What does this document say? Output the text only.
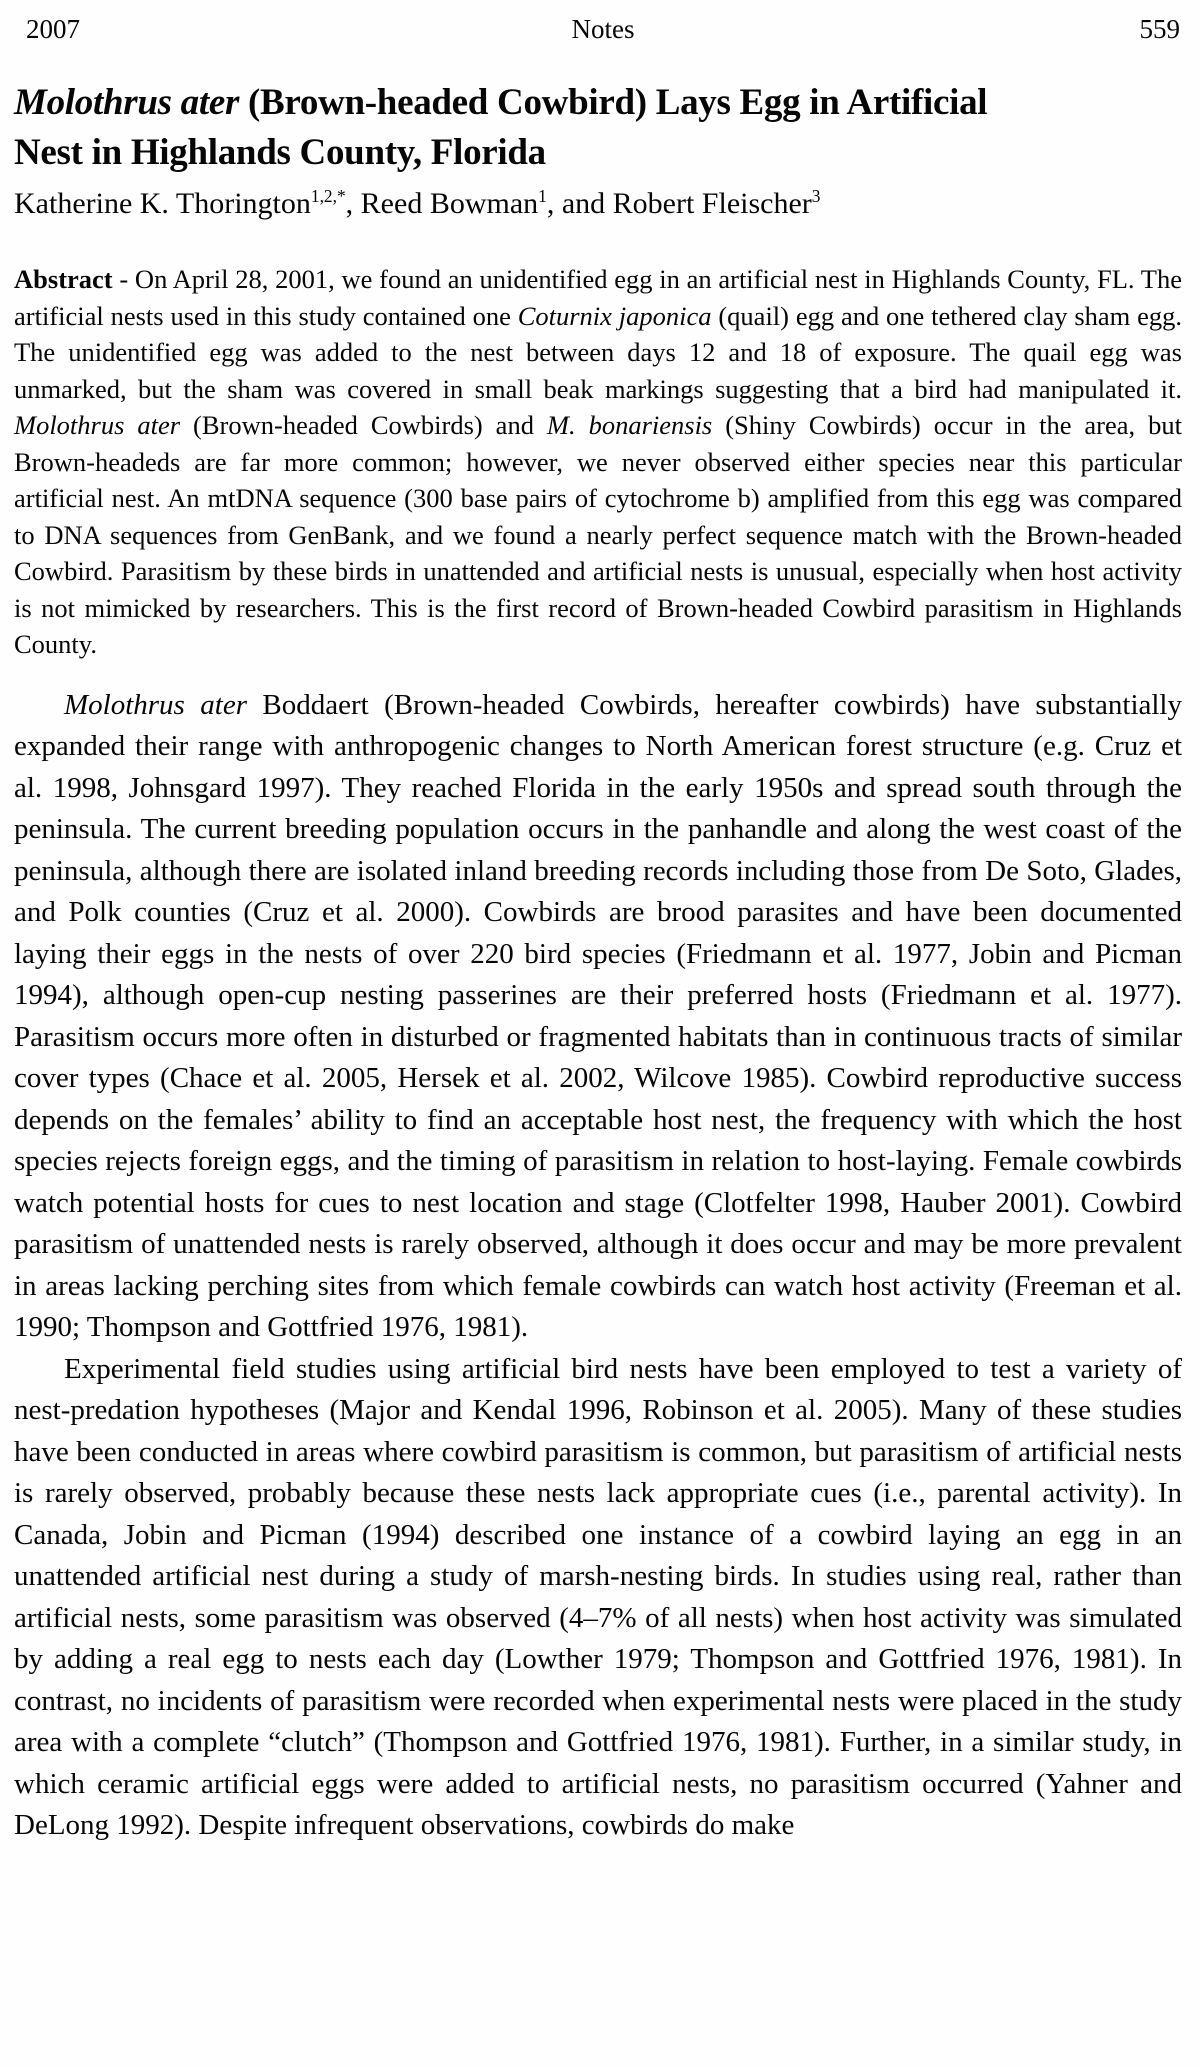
2007	Notes	559
Molothrus ater (Brown-headed Cowbird) Lays Egg in Artificial
Nest in Highlands County, Florida
Katherine K. Thorington$^{1,2,*}$, Reed Bowman$^1$, and Robert Fleischer$^3$
Abstract - On April 28, 2001, we found an unidentified egg in an artificial nest in Highlands County, FL. The artificial nests used in this study contained one Coturnix japonica (quail) egg and one tethered clay sham egg. The unidentified egg was added to the nest between days 12 and 18 of exposure. The quail egg was unmarked, but the sham was covered in small beak markings suggesting that a bird had manipulated it. Molothrus ater (Brown-headed Cowbirds) and M. bonariensis (Shiny Cowbirds) occur in the area, but Brown-headeds are far more common; however, we never observed either species near this particular artificial nest. An mtDNA sequence (300 base pairs of cytochrome b) amplified from this egg was compared to DNA sequences from GenBank, and we found a nearly perfect sequence match with the Brown-headed Cowbird. Parasitism by these birds in unattended and artificial nests is unusual, especially when host activity is not mimicked by researchers. This is the first record of Brown-headed Cowbird parasitism in Highlands County.

Molothrus ater Boddaert (Brown-headed Cowbirds, hereafter cowbirds) have substantially expanded their range with anthropogenic changes to North American forest structure (e.g. Cruz et al. 1998, Johnsgard 1997). They reached Florida in the early 1950s and spread south through the peninsula. The current breeding population occurs in the panhandle and along the west coast of the peninsula, although there are isolated inland breeding records including those from De Soto, Glades, and Polk counties (Cruz et al. 2000). Cowbirds are brood parasites and have been documented laying their eggs in the nests of over 220 bird species (Friedmann et al. 1977, Jobin and Picman 1994), although open-cup nesting passerines are their preferred hosts (Friedmann et al. 1977). Parasitism occurs more often in disturbed or fragmented habitats than in continuous tracts of similar cover types (Chace et al. 2005, Hersek et al. 2002, Wilcove 1985). Cowbird reproductive success depends on the females’ ability to find an acceptable host nest, the frequency with which the host species rejects foreign eggs, and the timing of parasitism in relation to host-laying. Female cowbirds watch potential hosts for cues to nest location and stage (Clotfelter 1998, Hauber 2001). Cowbird parasitism of unattended nests is rarely observed, although it does occur and may be more prevalent in areas lacking perching sites from which female cowbirds can watch host activity (Freeman et al. 1990; Thompson and Gottfried 1976, 1981).

Experimental field studies using artificial bird nests have been employed to test a variety of nest-predation hypotheses (Major and Kendal 1996, Robinson et al. 2005). Many of these studies have been conducted in areas where cowbird parasitism is common, but parasitism of artificial nests is rarely observed, probably because these nests lack appropriate cues (i.e., parental activity). In Canada, Jobin and Picman (1994) described one instance of a cowbird laying an egg in an unattended artificial nest during a study of marsh-nesting birds. In studies using real, rather than artificial nests, some parasitism was observed (4–7% of all nests) when host activity was simulated by adding a real egg to nests each day (Lowther 1979; Thompson and Gottfried 1976, 1981). In contrast, no incidents of parasitism were recorded when experimental nests were placed in the study area with a complete “clutch” (Thompson and Gottfried 1976, 1981). Further, in a similar study, in which ceramic artificial eggs were added to artificial nests, no parasitism occurred (Yahner and DeLong 1992). Despite infrequent observations, cowbirds do make
